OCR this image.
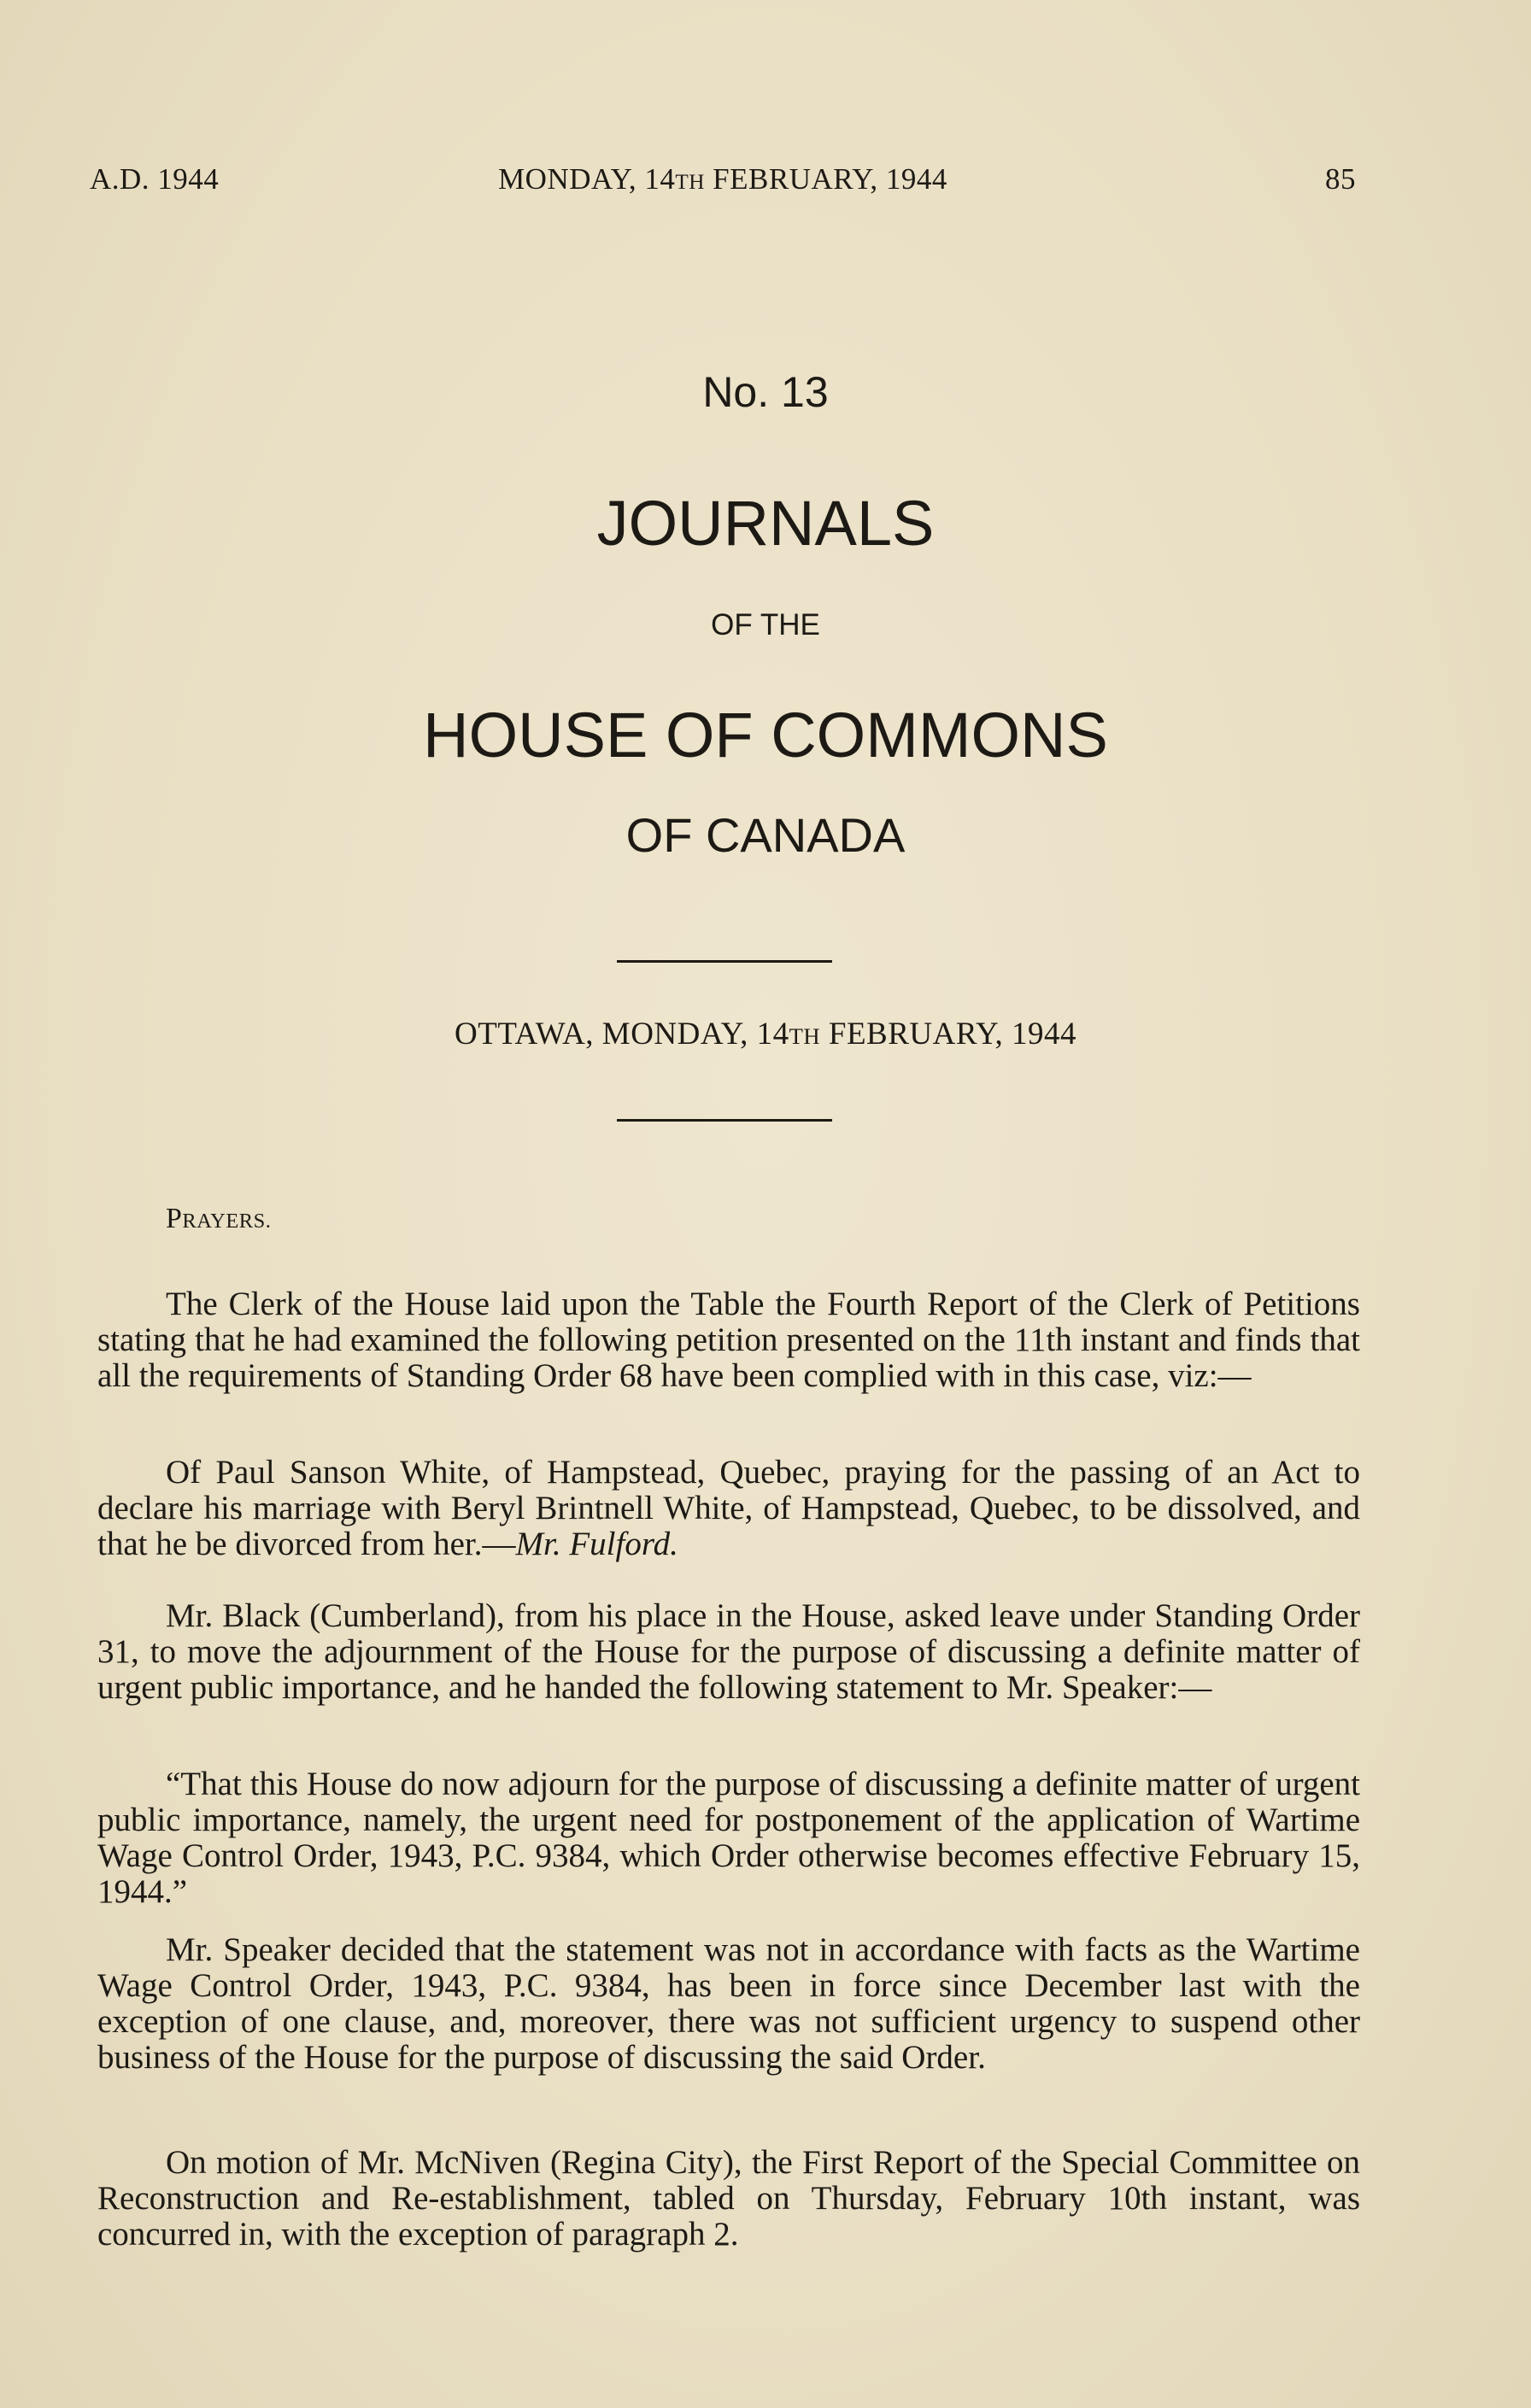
A.D. 1944	MONDAY, 14TH FEBRUARY, 1944	85
No. 13
JOURNALS
OF THE
HOUSE OF COMMONS
OF CANADA
OTTAWA, MONDAY, 14TH FEBRUARY, 1944
PRAYERS.

The Clerk of the House laid upon the Table the Fourth Report of the Clerk of Petitions stating that he had examined the following petition presented on the 11th instant and finds that all the requirements of Standing Order 68 have been complied with in this case, viz:—

Of Paul Sanson White, of Hampstead, Quebec, praying for the passing of an Act to declare his marriage with Beryl Brintnell White, of Hampstead, Quebec, to be dissolved, and that he be divorced from her.—Mr. Fulford.

Mr. Black (Cumberland), from his place in the House, asked leave under Standing Order 31, to move the adjournment of the House for the purpose of discussing a definite matter of urgent public importance, and he handed the following statement to Mr. Speaker:—

“That this House do now adjourn for the purpose of discussing a definite matter of urgent public importance, namely, the urgent need for postponement of the application of Wartime Wage Control Order, 1943, P.C. 9384, which Order otherwise becomes effective February 15, 1944.”

Mr. Speaker decided that the statement was not in accordance with facts as the Wartime Wage Control Order, 1943, P.C. 9384, has been in force since December last with the exception of one clause, and, moreover, there was not sufficient urgency to suspend other business of the House for the purpose of discussing the said Order.

On motion of Mr. McNiven (Regina City), the First Report of the Special Committee on Reconstruction and Re-establishment, tabled on Thursday, February 10th instant, was concurred in, with the exception of paragraph 2.
